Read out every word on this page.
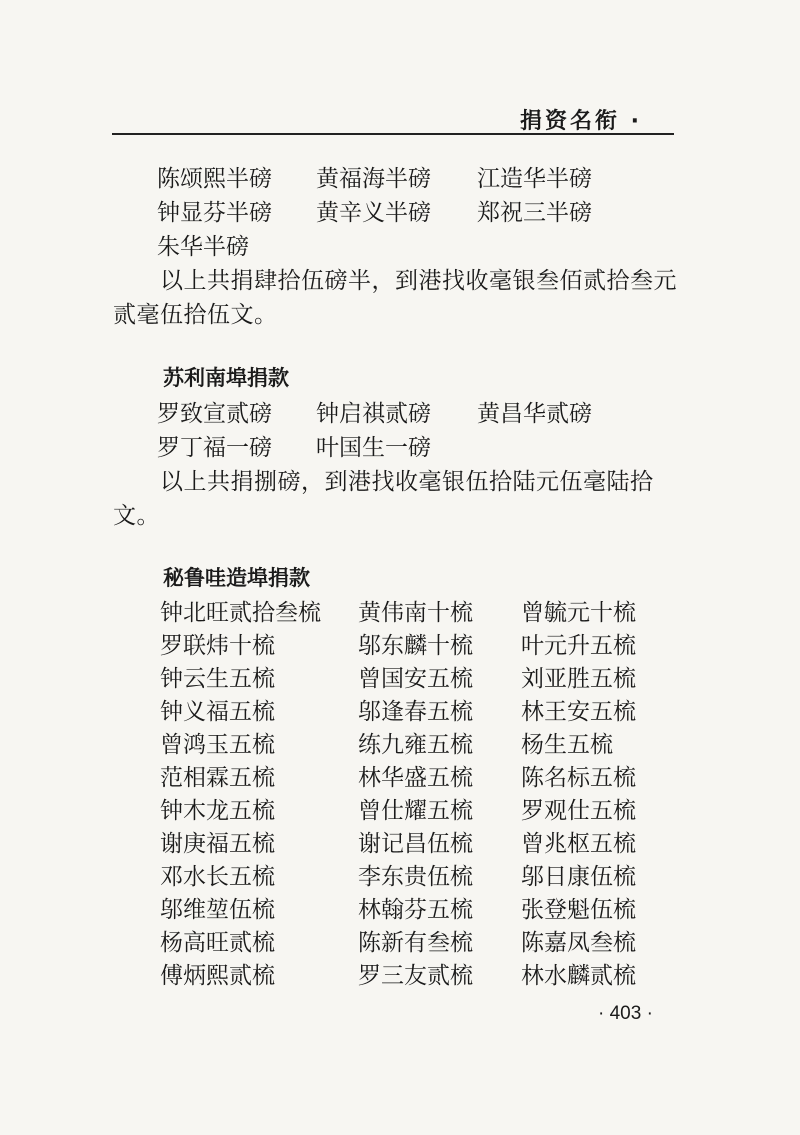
捐资名衔 ·
陈颂熙半磅 黄福海半磅 江造华半磅
钟显芬半磅 黄辛义半磅 郑祝三半磅
朱华半磅
以上共捐肆拾伍磅半，到港找收毫银叁佰贰拾叁元
贰毫伍拾伍文。
苏利南埠捐款
罗致宣贰磅 钟启祺贰磅 黄昌华贰磅
罗丁福一磅 叶国生一磅
以上共捐捌磅，到港找收毫银伍拾陆元伍毫陆拾
文。
秘鲁哇造埠捐款
钟北旺贰拾叁梳 黄伟南十梳 曾毓元十梳
罗联炜十梳	邬东麟十梳 叶元升五梳
钟云生五梳	曾国安五梳 刘亚胜五梳
钟义福五梳	邬逢春五梳 林王安五梳
曾鸿玉五梳	练九雍五梳 杨生五梳
范相霖五梳	林华盛五梳 陈名标五梳
钟木龙五梳	曾仕耀五梳 罗观仕五梳
谢庚福五梳	谢记昌伍梳 曾兆枢五梳
邓水长五梳	李东贵伍梳 邬日康伍梳
邬维堃伍梳	林翰芬五梳 张登魁伍梳
杨高旺贰梳	陈新有叁梳 陈嘉凤叁梳
傅炳熙贰梳	罗三友贰梳 林水麟贰梳
· 403 ·
